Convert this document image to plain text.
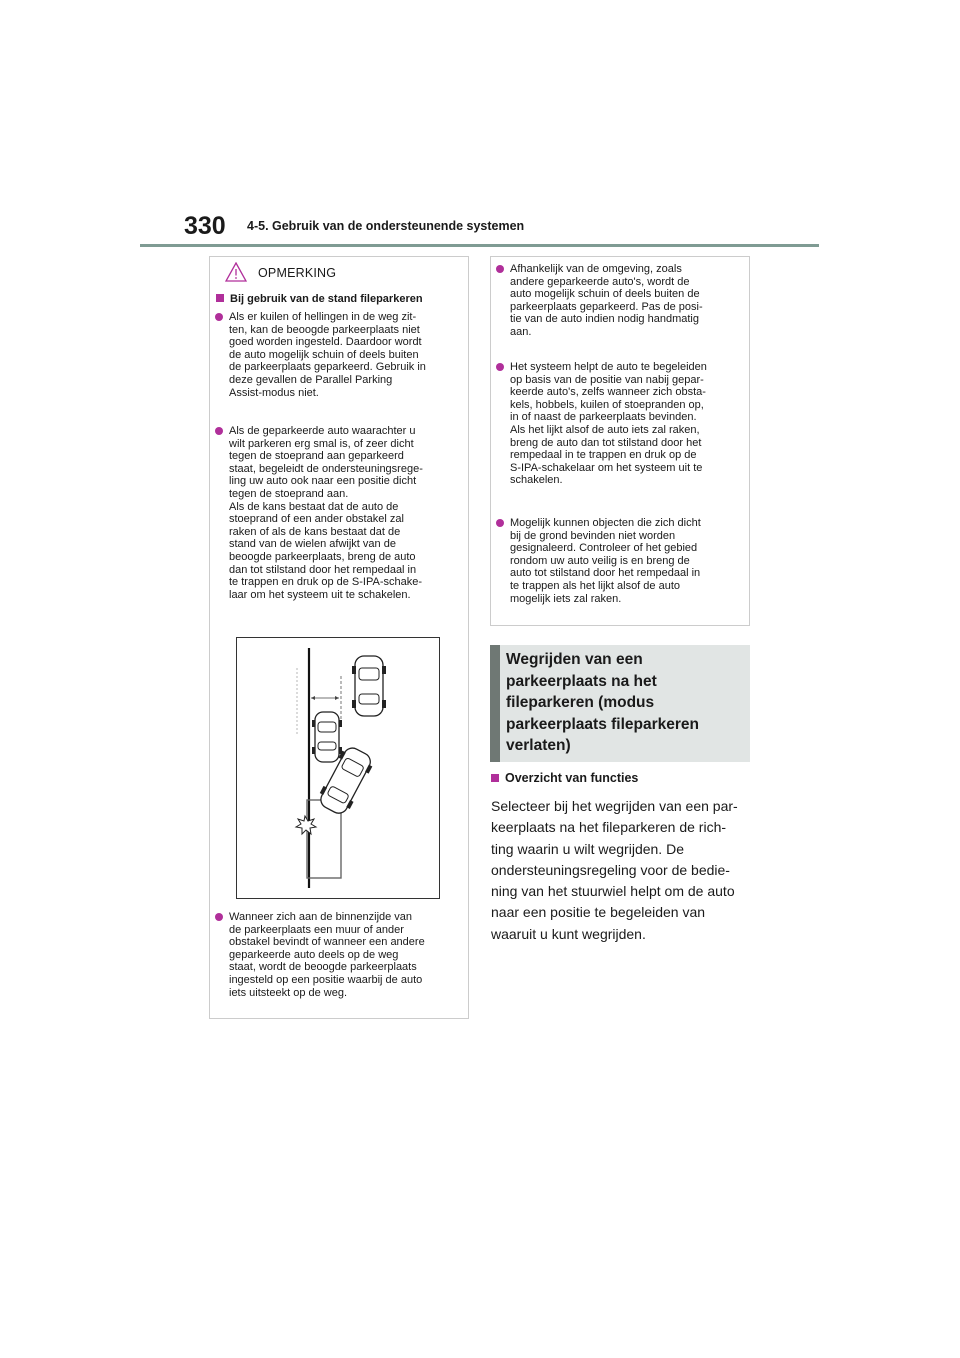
330 4-5. Gebruik van de ondersteunende systemen
OPMERKING
Bij gebruik van de stand fileparkeren
Als er kuilen of hellingen in de weg zit-
ten, kan de beoogde parkeerplaats niet
goed worden ingesteld. Daardoor wordt
de auto mogelijk schuin of deels buiten
de parkeerplaats geparkeerd. Gebruik in
deze gevallen de Parallel Parking
Assist-modus niet.
Als de geparkeerde auto waarachter u
wilt parkeren erg smal is, of zeer dicht
tegen de stoeprand aan geparkeerd
staat, begeleidt de ondersteuningsrege-
ling uw auto ook naar een positie dicht
tegen de stoeprand aan.
Als de kans bestaat dat de auto de
stoeprand of een ander obstakel zal
raken of als de kans bestaat dat de
stand van de wielen afwijkt van de
beoogde parkeerplaats, breng de auto
dan tot stilstand door het rempedaal in
te trappen en druk op de S-IPA-schake-
laar om het systeem uit te schakelen.
Wanneer zich aan de binnenzijde van
de parkeerplaats een muur of ander
obstakel bevindt of wanneer een andere
geparkeerde auto deels op de weg
staat, wordt de beoogde parkeerplaats
ingesteld op een positie waarbij de auto
iets uitsteekt op de weg.
Afhankelijk van de omgeving, zoals
andere geparkeerde auto's, wordt de
auto mogelijk schuin of deels buiten de
parkeerplaats geparkeerd. Pas de posi-
tie van de auto indien nodig handmatig
aan.
Het systeem helpt de auto te begeleiden
op basis van de positie van nabij gepar-
keerde auto's, zelfs wanneer zich obsta-
kels, hobbels, kuilen of stoepranden op,
in of naast de parkeerplaats bevinden.
Als het lijkt alsof de auto iets zal raken,
breng de auto dan tot stilstand door het
rempedaal in te trappen en druk op de
S-IPA-schakelaar om het systeem uit te
schakelen.
Mogelijk kunnen objecten die zich dicht
bij de grond bevinden niet worden
gesignaleerd. Controleer of het gebied
rondom uw auto veilig is en breng de
auto tot stilstand door het rempedaal in
te trappen als het lijkt alsof de auto
mogelijk iets zal raken.
Wegrijden van een
parkeerplaats na het
fileparkeren (modus
parkeerplaats fileparkeren
verlaten)
Overzicht van functies
Selecteer bij het wegrijden van een par-
keerplaats na het fileparkeren de rich-
ting waarin u wilt wegrijden. De
ondersteuningsregeling voor de bedie-
ning van het stuurwiel helpt om de auto
naar een positie te begeleiden van
waaruit u kunt wegrijden.
